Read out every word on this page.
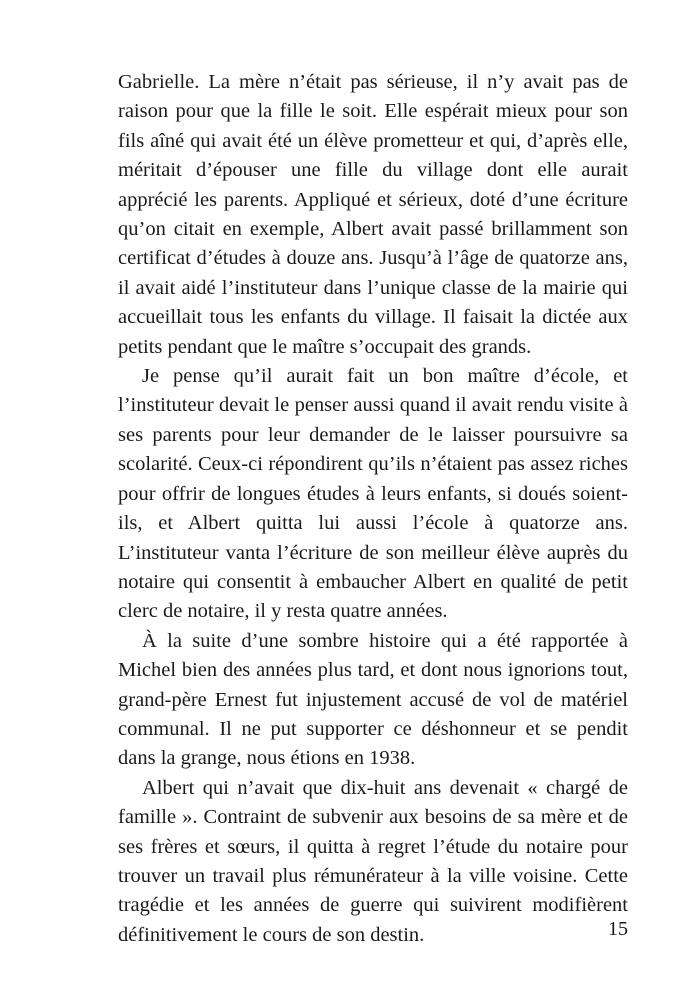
Gabrielle. La mère n’était pas sérieuse, il n’y avait pas de raison pour que la fille le soit. Elle espérait mieux pour son fils aîné qui avait été un élève prometteur et qui, d’après elle, méritait d’épouser une fille du village dont elle aurait apprécié les parents. Appliqué et sérieux, doté d’une écriture qu’on citait en exemple, Albert avait passé brillamment son certificat d’études à douze ans. Jusqu’à l’âge de quatorze ans, il avait aidé l’instituteur dans l’unique classe de la mairie qui accueillait tous les enfants du village. Il faisait la dictée aux petits pendant que le maître s’occupait des grands.

Je pense qu’il aurait fait un bon maître d’école, et l’instituteur devait le penser aussi quand il avait rendu visite à ses parents pour leur demander de le laisser poursuivre sa scolarité. Ceux-ci répondirent qu’ils n’étaient pas assez riches pour offrir de longues études à leurs enfants, si doués soient-ils, et Albert quitta lui aussi l’école à quatorze ans. L’instituteur vanta l’écriture de son meilleur élève auprès du notaire qui consentit à embaucher Albert en qualité de petit clerc de notaire, il y resta quatre années.

À la suite d’une sombre histoire qui a été rapportée à Michel bien des années plus tard, et dont nous ignorions tout, grand-père Ernest fut injustement accusé de vol de matériel communal. Il ne put supporter ce déshonneur et se pendit dans la grange, nous étions en 1938.

Albert qui n’avait que dix-huit ans devenait « chargé de famille ». Contraint de subvenir aux besoins de sa mère et de ses frères et sœurs, il quitta à regret l’étude du notaire pour trouver un travail plus rémunérateur à la ville voisine. Cette tragédie et les années de guerre qui suivirent modifièrent définitivement le cours de son destin.	15
